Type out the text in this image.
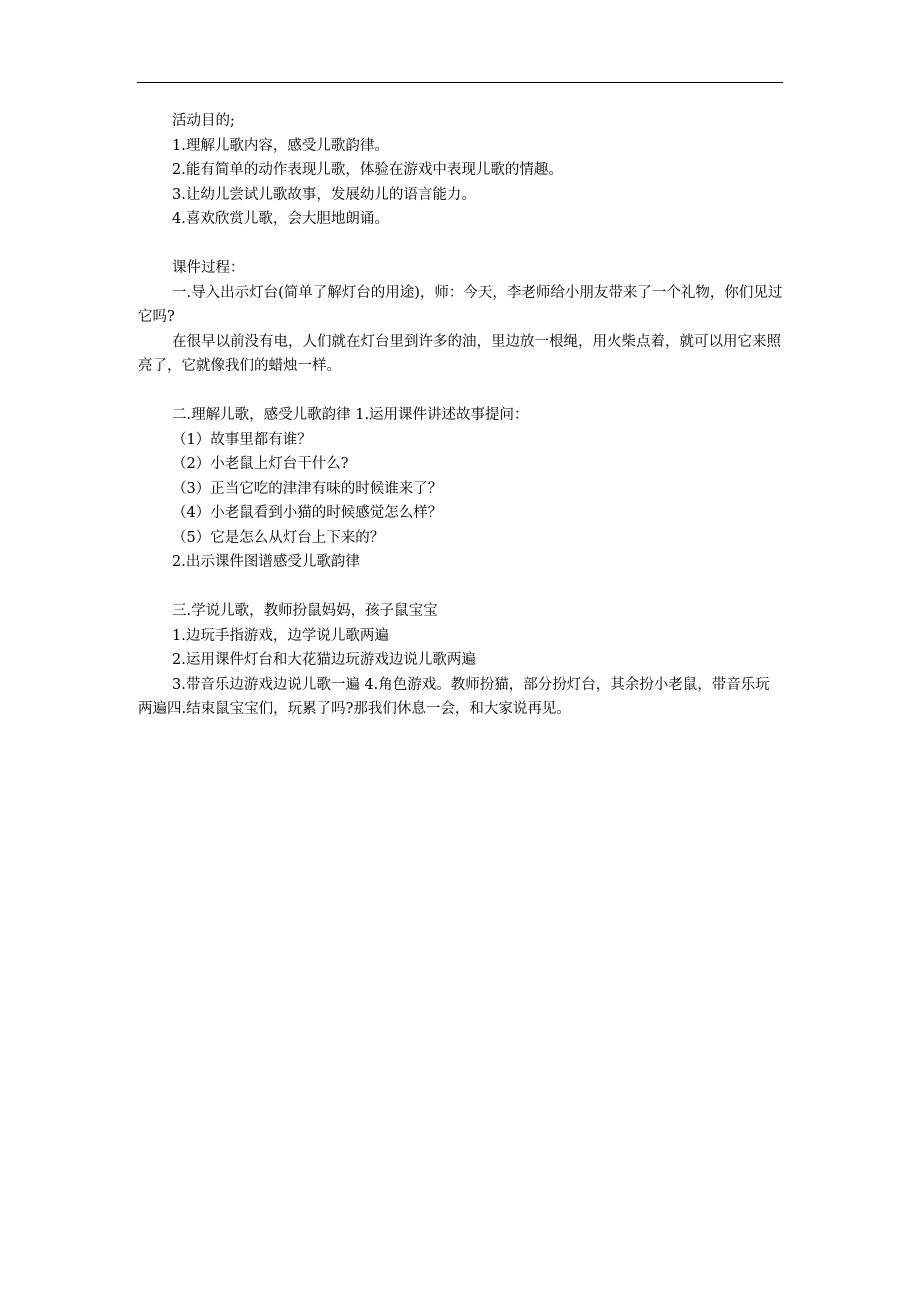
活动目的;

1.理解儿歌内容，感受儿歌韵律。

2.能有简单的动作表现儿歌，体验在游戏中表现儿歌的情趣。

3.让幼儿尝试儿歌故事，发展幼儿的语言能力。

4.喜欢欣赏儿歌，会大胆地朗诵。

课件过程：

一.导入出示灯台(简单了解灯台的用途)，师：今天，李老师给小朋友带来了一个礼物，你们见过它吗?

在很早以前没有电，人们就在灯台里到许多的油，里边放一根绳，用火柴点着，就可以用它来照亮了，它就像我们的蜡烛一样。

二.理解儿歌，感受儿歌韵律 1.运用课件讲述故事提问：

（1）故事里都有谁？

（2）小老鼠上灯台干什么?

（3）正当它吃的津津有味的时候谁来了？

（4）小老鼠看到小猫的时候感觉怎么样？

（5）它是怎么从灯台上下来的？

2.出示课件图谱感受儿歌韵律

三.学说儿歌，教师扮鼠妈妈，孩子鼠宝宝

1.边玩手指游戏，边学说儿歌两遍

2.运用课件灯台和大花猫边玩游戏边说儿歌两遍

3.带音乐边游戏边说儿歌一遍 4.角色游戏。教师扮猫，部分扮灯台，其余扮小老鼠，带音乐玩两遍四.结束鼠宝宝们，玩累了吗?那我们休息一会，和大家说再见。
